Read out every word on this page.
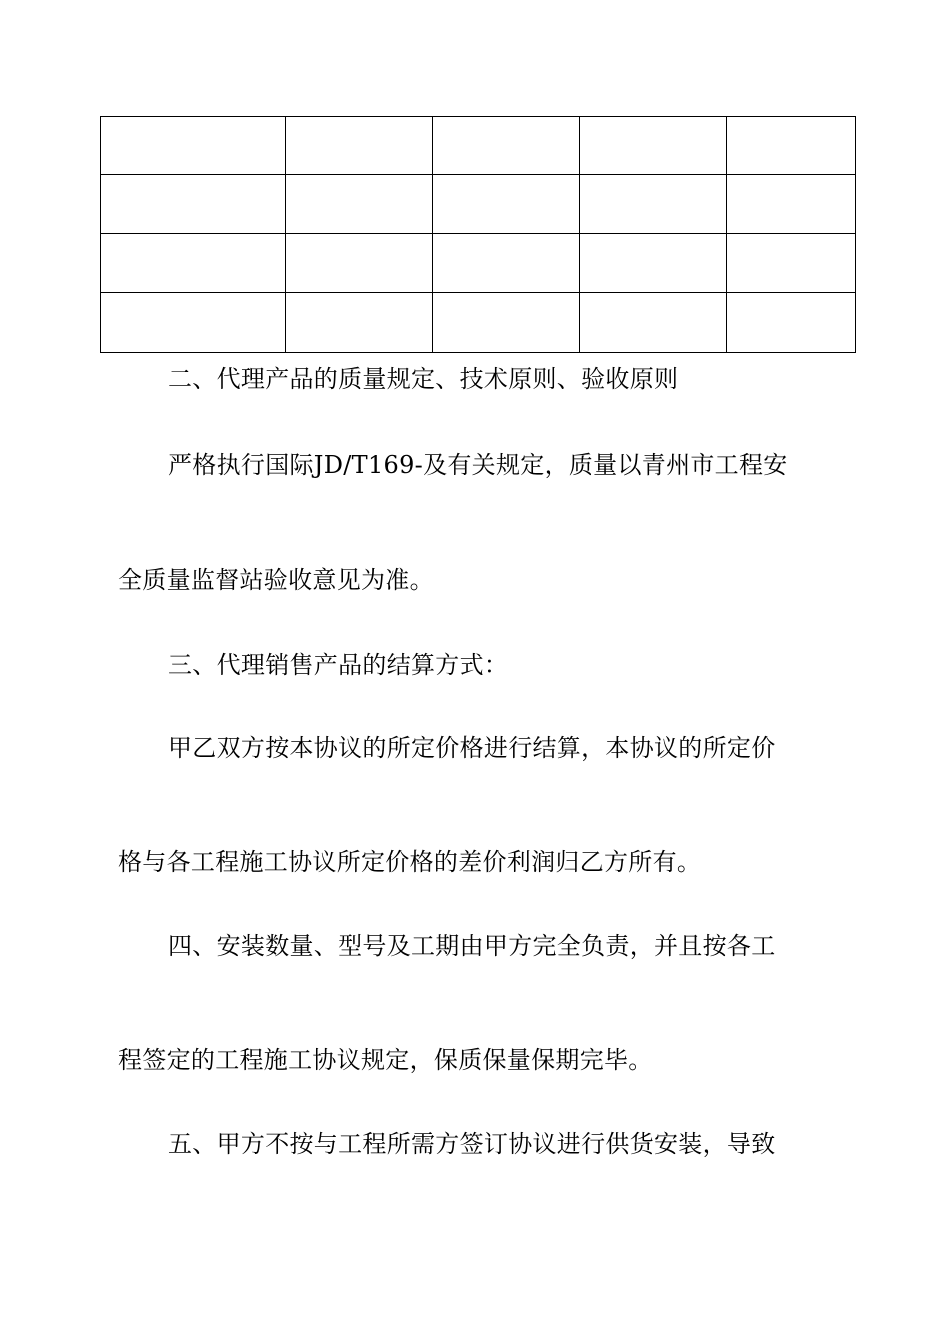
二、代理产品的质量规定、技术原则、验收原则
严格执行国际JD/T169-及有关规定，质量以青州市工程安
全质量监督站验收意见为准。
三、代理销售产品的结算方式：
甲乙双方按本协议的所定价格进行结算，本协议的所定价
格与各工程施工协议所定价格的差价利润归乙方所有。
四、安装数量、型号及工期由甲方完全负责，并且按各工
程签定的工程施工协议规定，保质保量保期完毕。
五、甲方不按与工程所需方签订协议进行供货安装，导致
